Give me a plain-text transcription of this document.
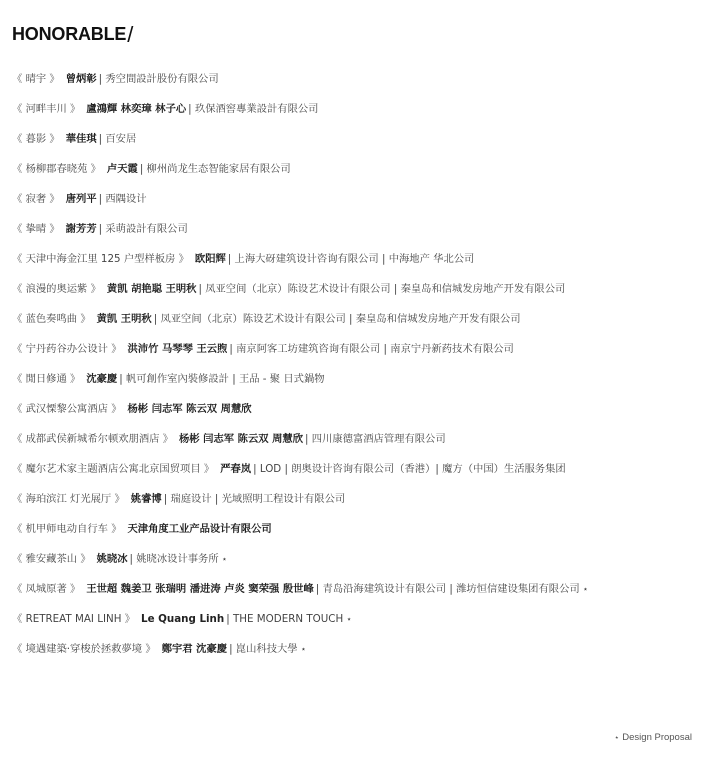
HONORABLE /
《 晴宇 》 曾炳彰 | 秀空間設計股份有限公司
《 河畔丰川 》 盧鴻輝 林奕璋 林子心 | 玖保酒窖專業設計有限公司
《 暮影 》 華佳琪 | 百安居
《 杨柳郡春晓苑 》 卢天霞 | 柳州尚龙生态智能家居有限公司
《 寂奢 》 唐列平 | 西隅设计
《 挚晴 》 謝芳芳 | 采萌設計有限公司
《 天津中海金江里 125 户型样板房 》 欧阳辉 | 上海大砑建筑设计咨询有限公司 | 中海地产 华北公司
《 浪漫的奥运紫 》 黄凯 胡艳聪 王明秋 | 凤亚空间（北京）陈设艺术设计有限公司 | 秦皇岛和信城发房地产开发有限公司
《 蓝色奏鸣曲 》 黄凯 王明秋 | 凤亚空间（北京）陈设艺术设计有限公司 | 秦皇岛和信城发房地产开发有限公司
《 宁丹药谷办公设计 》 洪沛竹 马琴琴 王云煦 | 南京阿客工坊建筑咨询有限公司 | 南京宁丹新药技术有限公司
《 閒日修通 》 沈豪慶 | 帆可創作室內裝修設計 | 王品 - 聚 日式鍋物
《 武汉慄黎公寓酒店 》 杨彬 闫志军 陈云双 周慧欣
《 成都武侯新城希尔顿欢朋酒店 》 杨彬 闫志军 陈云双 周慧欣 | 四川康德富酒店管理有限公司
《 魔尔艺术家主题酒店公寓北京国贸项目 》 严春岚 | LOD | 朗奥设计咨询有限公司（香港）| 魔方（中国）生活服务集团
《 海珀滨江 灯光展厅 》 姚睿博 | 瑞庭设计 | 光域照明工程设计有限公司
《 机甲师电动自行车 》 天津角度工业产品设计有限公司
《 雅安藏茶山 》 姚晓冰 | 姚晓冰设计事务所 ⋆
《 凤城原著 》 王世超 魏姜卫 张瑞明 潘进涛 卢炎 窦荣强 殷世峰 | 青岛沿海建筑设计有限公司 | 潍坊恒信建设集团有限公司 ⋆
《 RETREAT MAI LINH 》 Le Quang Linh | THE MODERN TOUCH ⋆
《 境遇建築·穿梭於拯救夢境 》 鄭宇君 沈豪慶 | 崑山科技大學 ⋆
⋆ Design Proposal
